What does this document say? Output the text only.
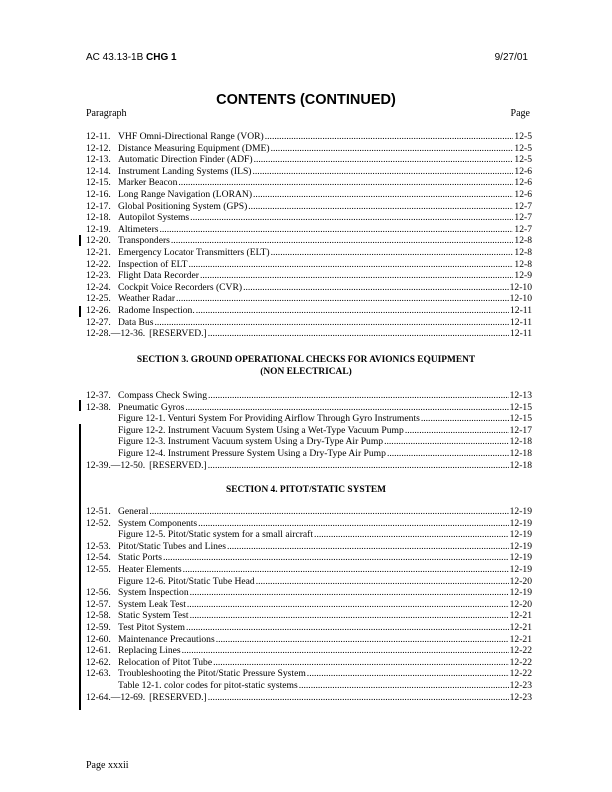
AC 43.13-1B CHG 1	9/27/01
CONTENTS (CONTINUED)
Paragraph	Page
12-11. VHF Omni-Directional Range (VOR) .....	12-5
12-12. Distance Measuring Equipment (DME) .....	12-5
12-13. Automatic Direction Finder (ADF) .....	12-5
12-14. Instrument Landing Systems (ILS) .....	12-6
12-15. Marker Beacon .....	12-6
12-16. Long Range Navigation (LORAN) .....	12-6
12-17. Global Positioning System (GPS) .....	12-7
12-18. Autopilot Systems .....	12-7
12-19. Altimeters .....	12-7
12-20. Transponders .....	12-8
12-21. Emergency Locator Transmitters (ELT) .....	12-8
12-22. Inspection of ELT .....	12-8
12-23. Flight Data Recorder .....	12-9
12-24. Cockpit Voice Recorders (CVR) .....	12-10
12-25. Weather Radar .....	12-10
12-26. Radome Inspection. .....	12-11
12-27. Data Bus .....	12-11
12-28.—12-36. [RESERVED.] .....	12-11
SECTION 3. GROUND OPERATIONAL CHECKS FOR AVIONICS EQUIPMENT
(NON ELECTRICAL)
12-37. Compass Check Swing .....	12-13
12-38. Pneumatic Gyros .....	12-15
Figure 12-1. Venturi System For Providing Airflow Through Gyro Instruments .....	12-15
Figure 12-2. Instrument Vacuum System Using a Wet-Type Vacuum Pump .....	12-17
Figure 12-3. Instrument Vacuum system Using a Dry-Type Air Pump .....	12-18
Figure 12-4. Instrument Pressure System Using a Dry-Type Air Pump .....	12-18
12-39.—12-50. [RESERVED.] .....	12-18
SECTION 4. PITOT/STATIC SYSTEM
12-51. General .....	12-19
12-52. System Components .....	12-19
Figure 12-5. Pitot/Static system for a small aircraft .....	12-19
12-53. Pitot/Static Tubes and Lines .....	12-19
12-54. Static Ports .....	12-19
12-55. Heater Elements .....	12-19
Figure 12-6. Pitot/Static Tube Head .....	12-20
12-56. System Inspection .....	12-19
12-57. System Leak Test .....	12-20
12-58. Static System Test .....	12-21
12-59. Test Pitot System .....	12-21
12-60. Maintenance Precautions .....	12-21
12-61. Replacing Lines .....	12-22
12-62. Relocation of Pitot Tube .....	12-22
12-63. Troubleshooting the Pitot/Static Pressure System .....	12-22
Table 12-1. color codes for pitot-static systems .....	12-23
12-64.—12-69. [RESERVED.] .....	12-23
Page xxxii
